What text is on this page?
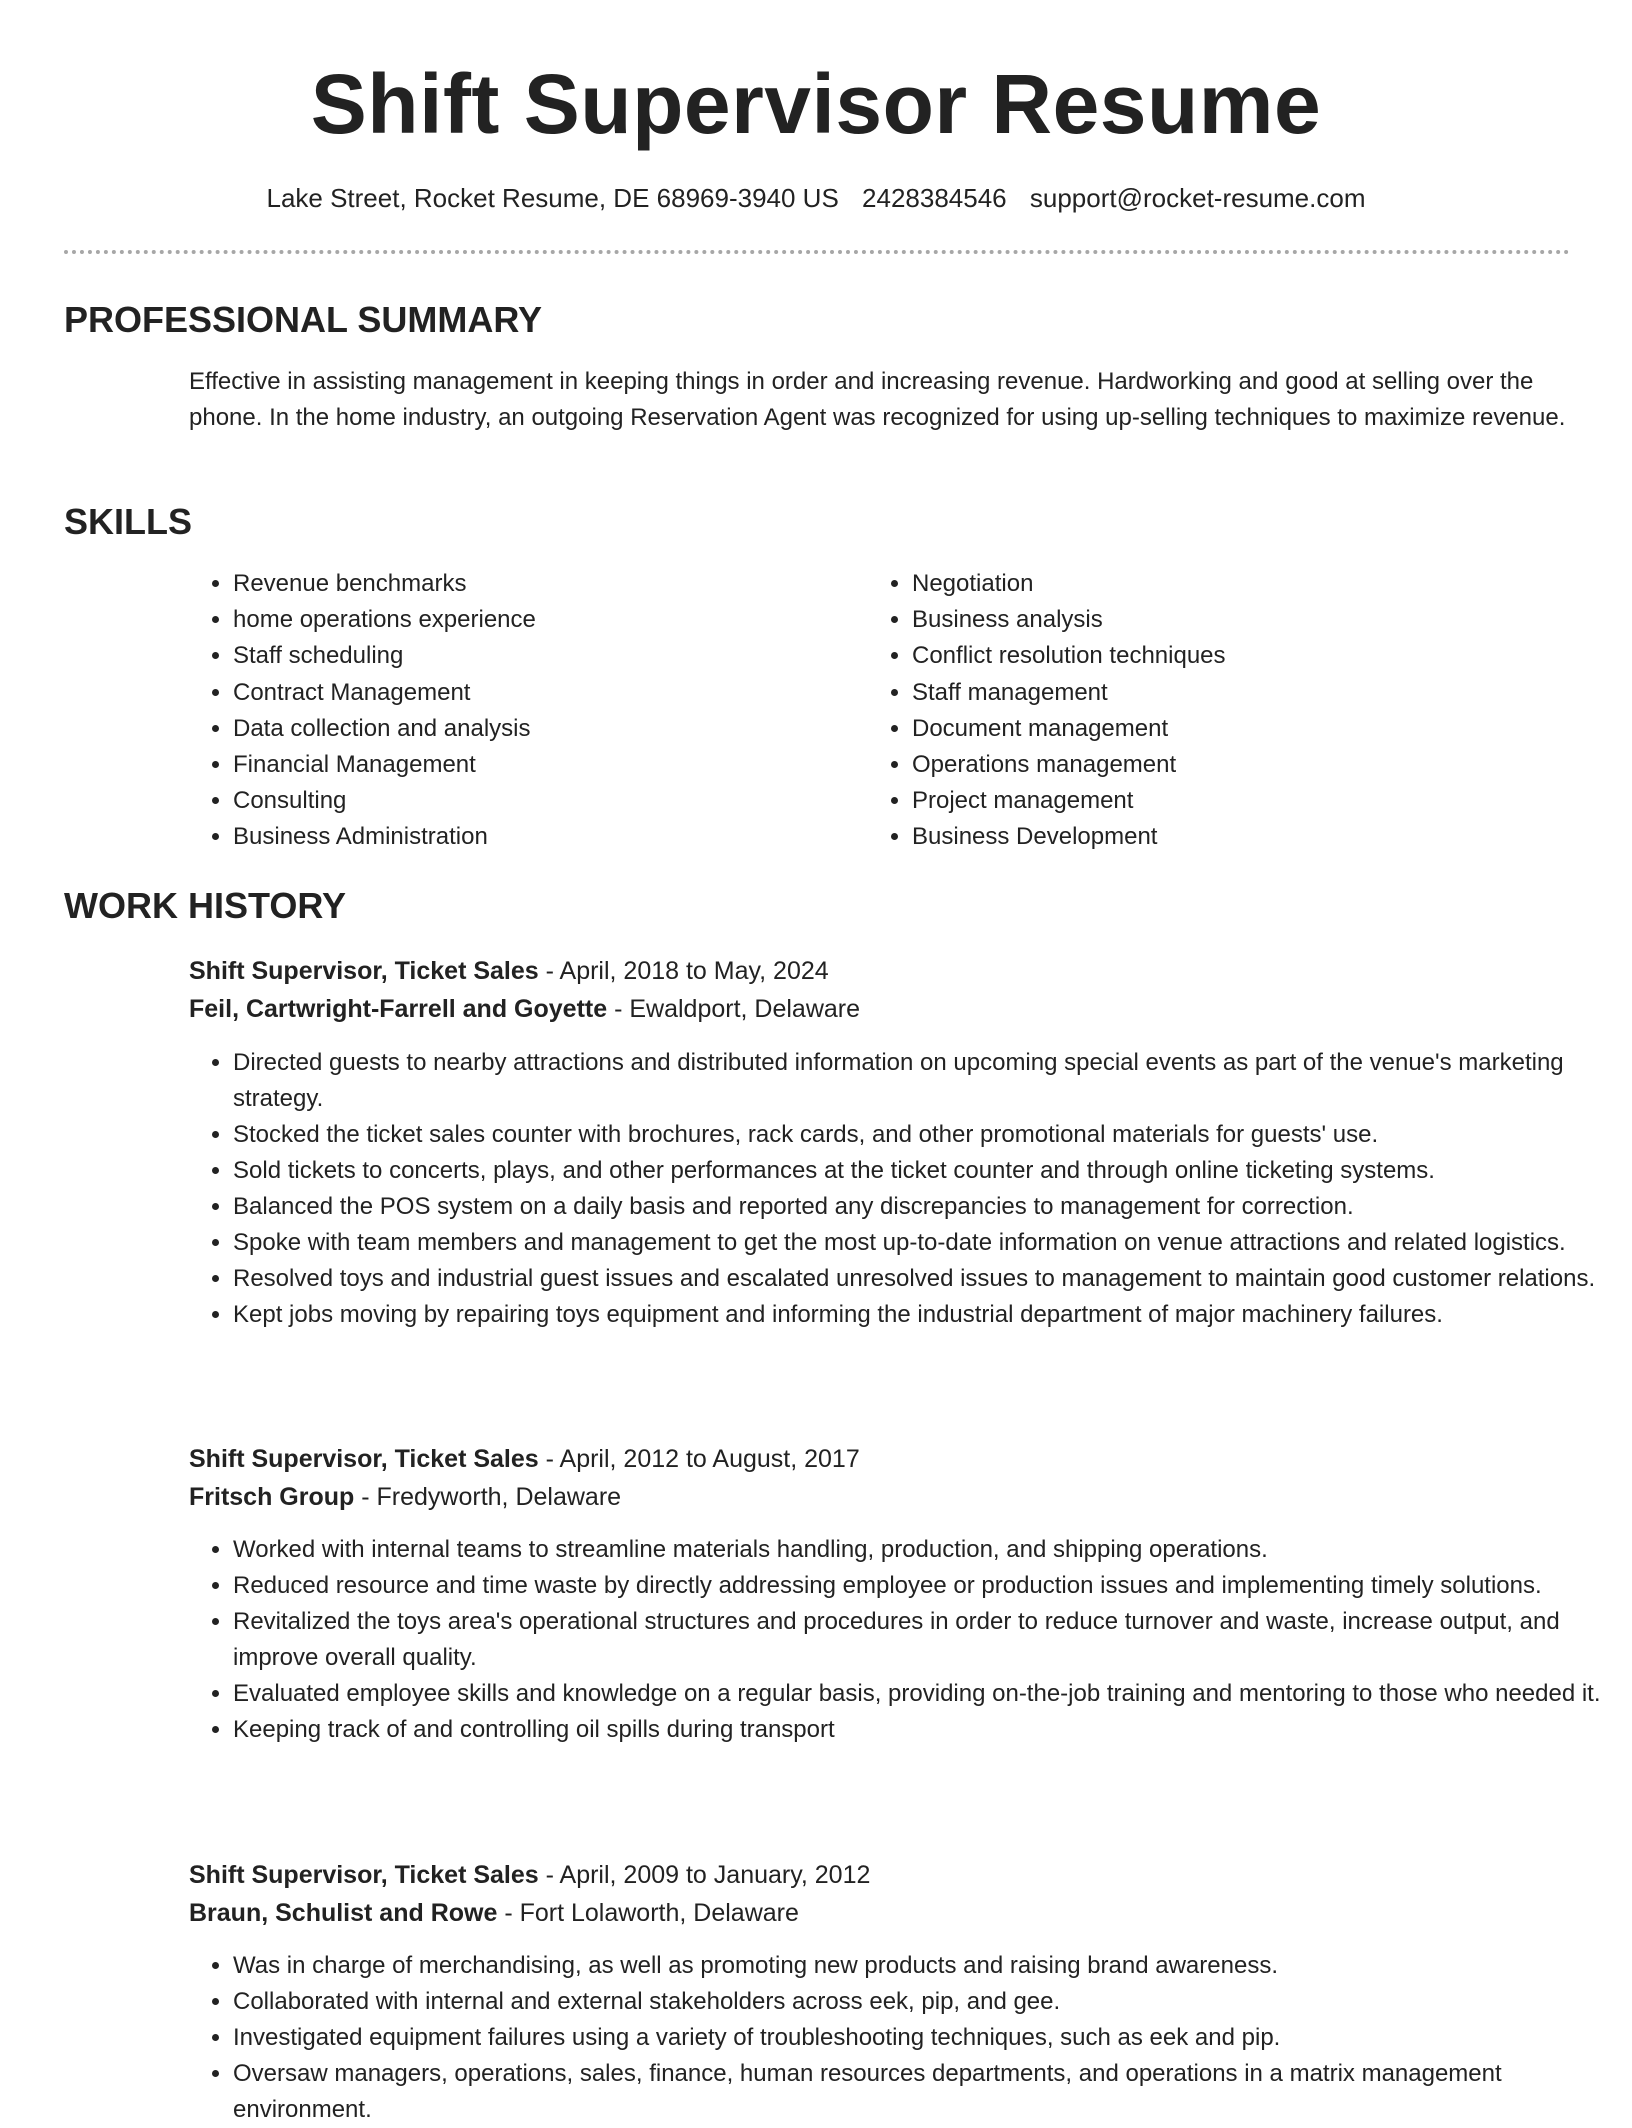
Shift Supervisor Resume
Lake Street, Rocket Resume, DE 68969-3940 US 2428384546 support@rocket-resume.com
PROFESSIONAL SUMMARY

Effective in assisting management in keeping things in order and increasing revenue. Hardworking and good at selling over the phone. In the home industry, an outgoing Reservation Agent was recognized for using up-selling techniques to maximize revenue.

SKILLS
• Revenue benchmarks
• home operations experience
• Staff scheduling
• Contract Management
• Data collection and analysis
• Financial Management
• Consulting
• Business Administration
• Negotiation
• Business analysis
• Conflict resolution techniques
• Staff management
• Document management
• Operations management
• Project management
• Business Development
WORK HISTORY
Shift Supervisor, Ticket Sales - April, 2018 to May, 2024
Feil, Cartwright-Farrell and Goyette - Ewaldport, Delaware
• Directed guests to nearby attractions and distributed information on upcoming special events as part of the venue's marketing strategy.
• Stocked the ticket sales counter with brochures, rack cards, and other promotional materials for guests' use.
• Sold tickets to concerts, plays, and other performances at the ticket counter and through online ticketing systems.
• Balanced the POS system on a daily basis and reported any discrepancies to management for correction.
• Spoke with team members and management to get the most up-to-date information on venue attractions and related logistics.
• Resolved toys and industrial guest issues and escalated unresolved issues to management to maintain good customer relations.
• Kept jobs moving by repairing toys equipment and informing the industrial department of major machinery failures.
Shift Supervisor, Ticket Sales - April, 2012 to August, 2017
Fritsch Group - Fredyworth, Delaware
• Worked with internal teams to streamline materials handling, production, and shipping operations.
• Reduced resource and time waste by directly addressing employee or production issues and implementing timely solutions.
• Revitalized the toys area's operational structures and procedures in order to reduce turnover and waste, increase output, and improve overall quality.
• Evaluated employee skills and knowledge on a regular basis, providing on-the-job training and mentoring to those who needed it.
• Keeping track of and controlling oil spills during transport
Shift Supervisor, Ticket Sales - April, 2009 to January, 2012
Braun, Schulist and Rowe - Fort Lolaworth, Delaware
• Was in charge of merchandising, as well as promoting new products and raising brand awareness.
• Collaborated with internal and external stakeholders across eek, pip, and gee.
• Investigated equipment failures using a variety of troubleshooting techniques, such as eek and pip.
• Oversaw managers, operations, sales, finance, human resources departments, and operations in a matrix management environment.
